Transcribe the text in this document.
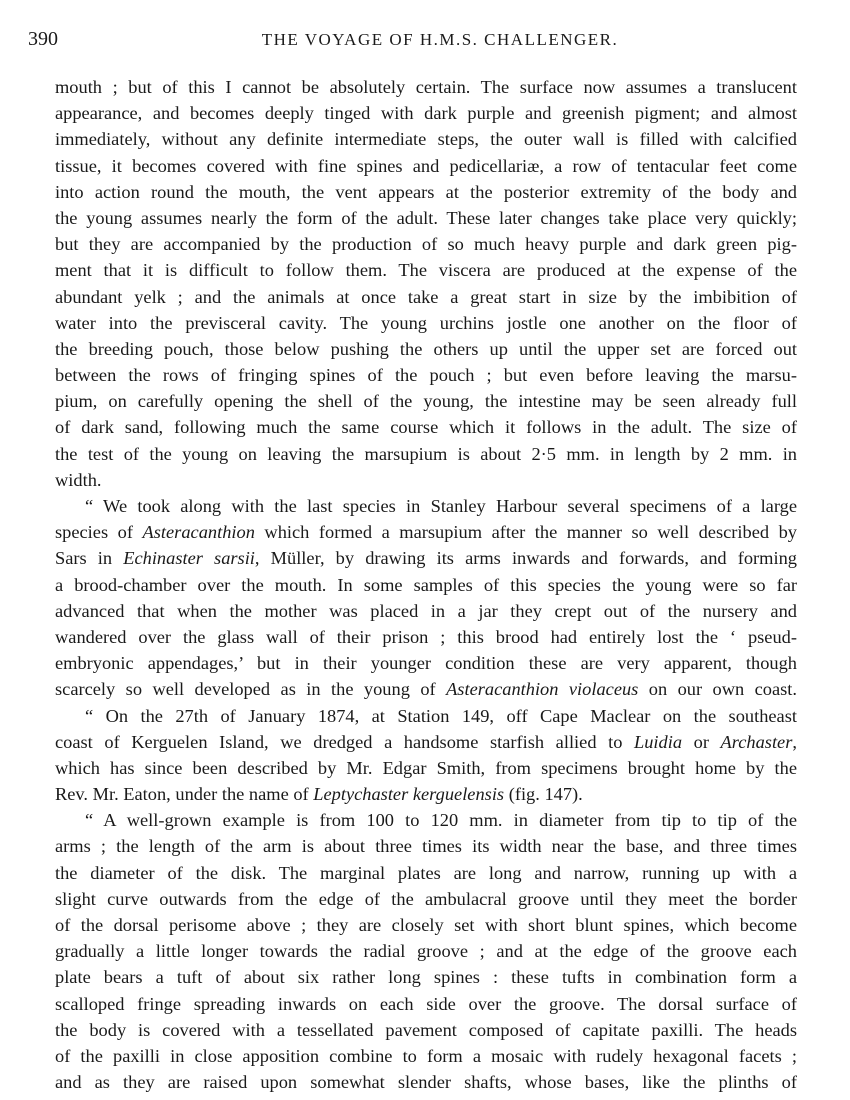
390	THE VOYAGE OF H.M.S. CHALLENGER.
mouth ; but of this I cannot be absolutely certain. The surface now assumes a translucent
appearance, and becomes deeply tinged with dark purple and greenish pigment; and almost
immediately, without any definite intermediate steps, the outer wall is filled with calcified
tissue, it becomes covered with fine spines and pedicellariæ, a row of tentacular feet come
into action round the mouth, the vent appears at the posterior extremity of the body and
the young assumes nearly the form of the adult. These later changes take place very quickly;
but they are accompanied by the production of so much heavy purple and dark green pig-
ment that it is difficult to follow them. The viscera are produced at the expense of the
abundant yelk ; and the animals at once take a great start in size by the imbibition of
water into the previsceral cavity. The young urchins jostle one another on the floor of
the breeding pouch, those below pushing the others up until the upper set are forced out
between the rows of fringing spines of the pouch ; but even before leaving the marsu-
pium, on carefully opening the shell of the young, the intestine may be seen already full
of dark sand, following much the same course which it follows in the adult. The size of
the test of the young on leaving the marsupium is about 2·5 mm. in length by 2 mm. in
width.
“ We took along with the last species in Stanley Harbour several specimens of a large
species of Asteracanthion which formed a marsupium after the manner so well described by
Sars in Echinaster sarsii, Müller, by drawing its arms inwards and forwards, and forming
a brood-chamber over the mouth. In some samples of this species the young were so far
advanced that when the mother was placed in a jar they crept out of the nursery and
wandered over the glass wall of their prison ; this brood had entirely lost the ‘ pseud-
embryonic appendages,’ but in their younger condition these are very apparent, though
scarcely so well developed as in the young of Asteracanthion violaceus on our own coast.
“ On the 27th of January 1874, at Station 149, off Cape Maclear on the southeast
coast of Kerguelen Island, we dredged a handsome starfish allied to Luidia or Archaster,
which has since been described by Mr. Edgar Smith, from specimens brought home by the
Rev. Mr. Eaton, under the name of Leptychaster kerguelensis (fig. 147).
“ A well-grown example is from 100 to 120 mm. in diameter from tip to tip of the
arms ; the length of the arm is about three times its width near the base, and three times
the diameter of the disk. The marginal plates are long and narrow, running up with a
slight curve outwards from the edge of the ambulacral groove until they meet the border
of the dorsal perisome above ; they are closely set with short blunt spines, which become
gradually a little longer towards the radial groove ; and at the edge of the groove each
plate bears a tuft of about six rather long spines : these tufts in combination form a
scalloped fringe spreading inwards on each side over the groove. The dorsal surface of
the body is covered with a tessellated pavement composed of capitate paxilli. The heads
of the paxilli in close apposition combine to form a mosaic with rudely hexagonal facets ;
and as they are raised upon somewhat slender shafts, whose bases, like the plinths of
